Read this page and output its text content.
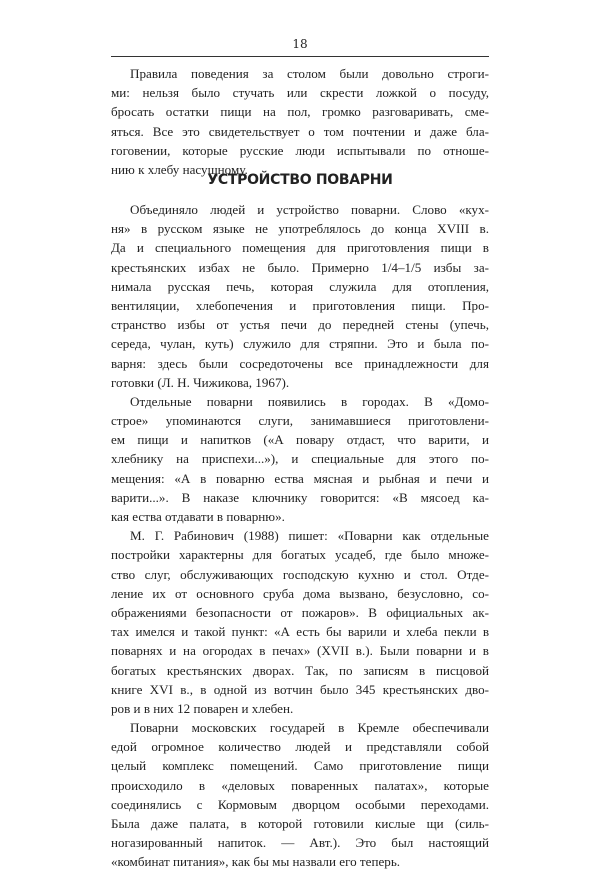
18
Правила поведения за столом были довольно строги-
ми: нельзя было стучать или скрести ложкой о посуду,
бросать остатки пищи на пол, громко разговаривать, сме-
яться. Все это свидетельствует о том почтении и даже бла-
гоговении, которые русские люди испытывали по отноше-
нию к хлебу насущному.
УСТРОЙСТВО ПОВАРНИ
Объединяло людей и устройство поварни. Слово «кух-
ня» в русском языке не употреблялось до конца XVIII в.
Да и специального помещения для приготовления пищи в
крестьянских избах не было. Примерно 1/4–1/5 избы за-
нимала русская печь, которая служила для отопления,
вентиляции, хлебопечения и приготовления пищи. Про-
странство избы от устья печи до передней стены (упечь,
середа, чулан, куть) служило для стряпни. Это и была по-
варня: здесь были сосредоточены все принадлежности для
готовки (Л. Н. Чижикова, 1967).
Отдельные поварни появились в городах. В «Домо-
строе» упоминаются слуги, занимавшиеся приготовлени-
ем пищи и напитков («А повару отдаст, что варити, и
хлебнику на приспехи...»), и специальные для этого по-
мещения: «А в поварню ества мясная и рыбная и печи и
варити...». В наказе ключнику говорится: «В мясоед ка-
кая ества отдавати в поварню».
М. Г. Рабинович (1988) пишет: «Поварни как отдельные
постройки характерны для богатых усадеб, где было множе-
ство слуг, обслуживающих господскую кухню и стол. Отде-
ление их от основного сруба дома вызвано, безусловно, со-
ображениями безопасности от пожаров». В официальных ак-
тах имелся и такой пункт: «А есть бы варили и хлеба пекли в
поварнях и на огородах в печах» (XVII в.). Были поварни и в
богатых крестьянских дворах. Так, по записям в писцовой
книге XVI в., в одной из вотчин было 345 крестьянских дво-
ров и в них 12 поварен и хлебен.
Поварни московских государей в Кремле обеспечивали
едой огромное количество людей и представляли собой
целый комплекс помещений. Само приготовление пищи
происходило в «деловых поваренных палатах», которые
соединялись с Кормовым дворцом особыми переходами.
Была даже палата, в которой готовили кислые щи (силь-
ногазированный напиток. — Авт.). Это был настоящий
«комбинат питания», как бы мы назвали его теперь.
